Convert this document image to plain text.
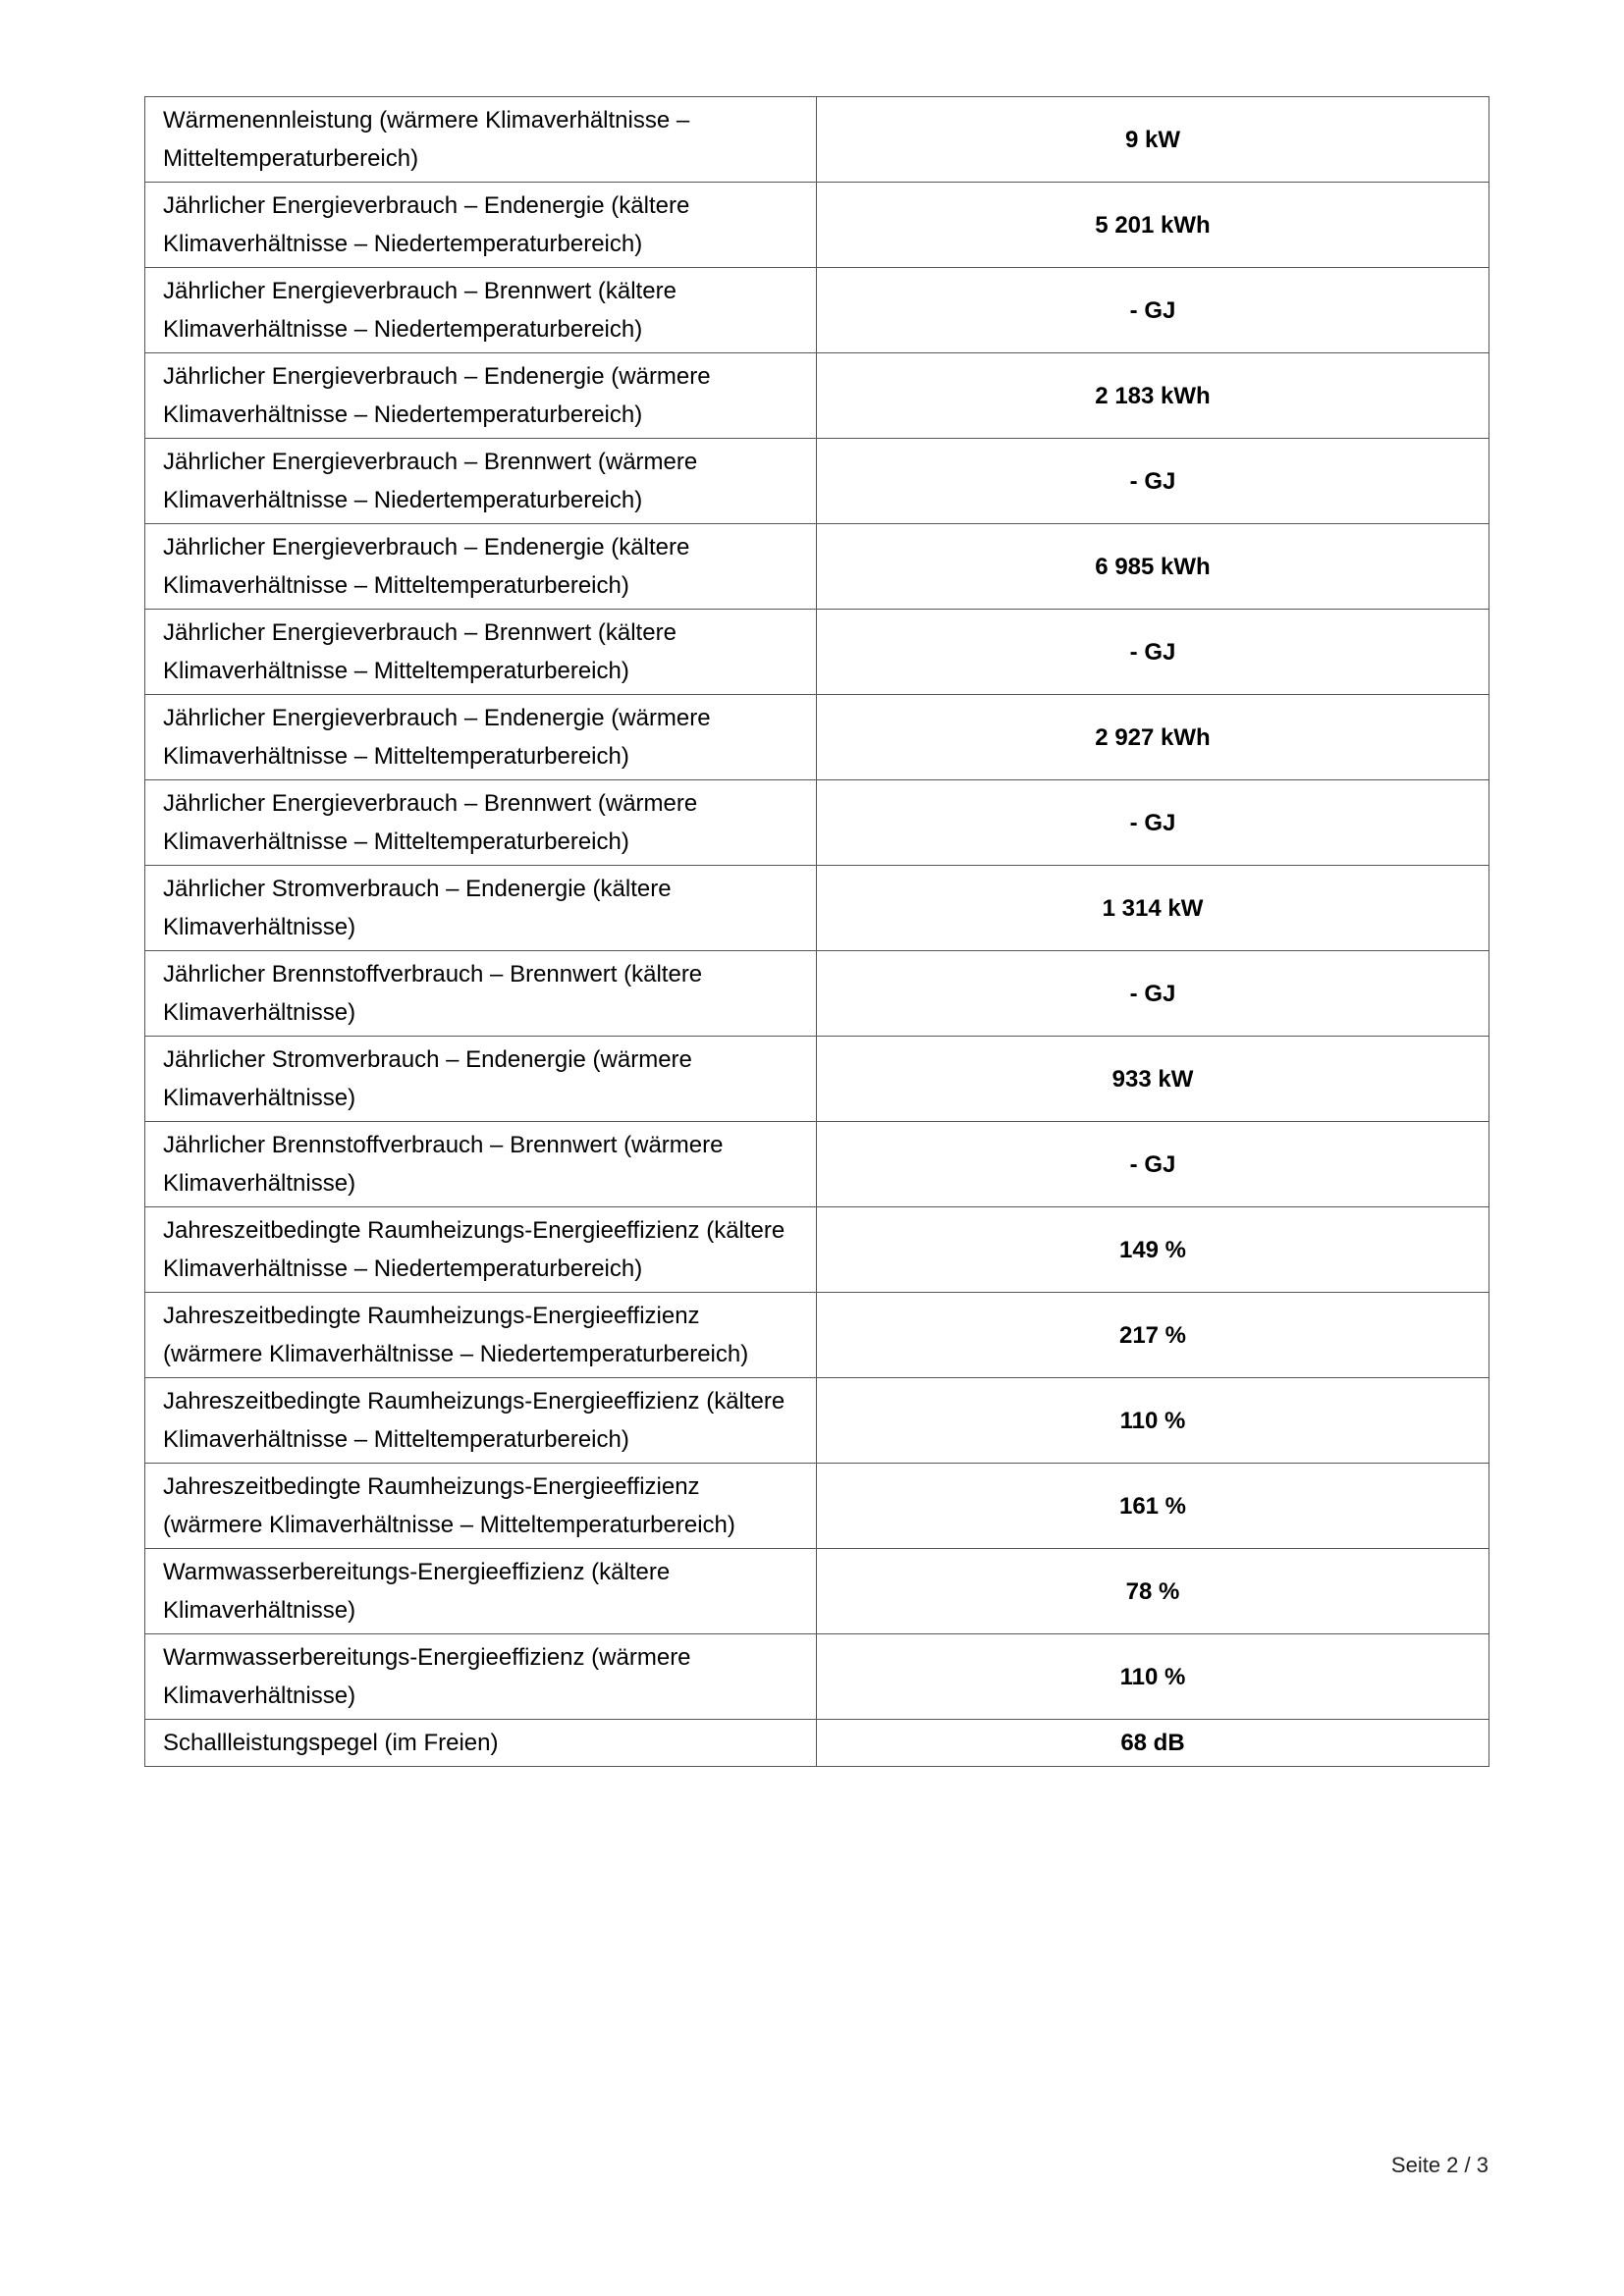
Wärmenennleistung (wärmere Klimaverhältnisse – Mitteltemperaturbereich)	9 kW
Jährlicher Energieverbrauch – Endenergie (kältere Klimaverhältnisse – Niedertemperaturbereich)	5 201 kWh
Jährlicher Energieverbrauch – Brennwert (kältere Klimaverhältnisse – Niedertemperaturbereich)	- GJ
Jährlicher Energieverbrauch – Endenergie (wärmere Klimaverhältnisse – Niedertemperaturbereich)	2 183 kWh
Jährlicher Energieverbrauch – Brennwert (wärmere Klimaverhältnisse – Niedertemperaturbereich)	- GJ
Jährlicher Energieverbrauch – Endenergie (kältere Klimaverhältnisse – Mitteltemperaturbereich)	6 985 kWh
Jährlicher Energieverbrauch – Brennwert (kältere Klimaverhältnisse – Mitteltemperaturbereich)	- GJ
Jährlicher Energieverbrauch – Endenergie (wärmere Klimaverhältnisse – Mitteltemperaturbereich)	2 927 kWh
Jährlicher Energieverbrauch – Brennwert (wärmere Klimaverhältnisse – Mitteltemperaturbereich)	- GJ
Jährlicher Stromverbrauch – Endenergie (kältere Klimaverhältnisse)	1 314 kW
Jährlicher Brennstoffverbrauch – Brennwert (kältere Klimaverhältnisse)	- GJ
Jährlicher Stromverbrauch – Endenergie (wärmere Klimaverhältnisse)	933 kW
Jährlicher Brennstoffverbrauch – Brennwert (wärmere Klimaverhältnisse)	- GJ
Jahreszeitbedingte Raumheizungs-Energieeffizienz (kältere Klimaverhältnisse – Niedertemperaturbereich)	149 %
Jahreszeitbedingte Raumheizungs-Energieeffizienz (wärmere Klimaverhältnisse – Niedertemperaturbereich)	217 %
Jahreszeitbedingte Raumheizungs-Energieeffizienz (kältere Klimaverhältnisse – Mitteltemperaturbereich)	110 %
Jahreszeitbedingte Raumheizungs-Energieeffizienz (wärmere Klimaverhältnisse – Mitteltemperaturbereich)	161 %
Warmwasserbereitungs-Energieeffizienz (kältere Klimaverhältnisse)	78 %
Warmwasserbereitungs-Energieeffizienz (wärmere Klimaverhältnisse)	110 %
Schallleistungspegel (im Freien)	68 dB
Seite 2 / 3
